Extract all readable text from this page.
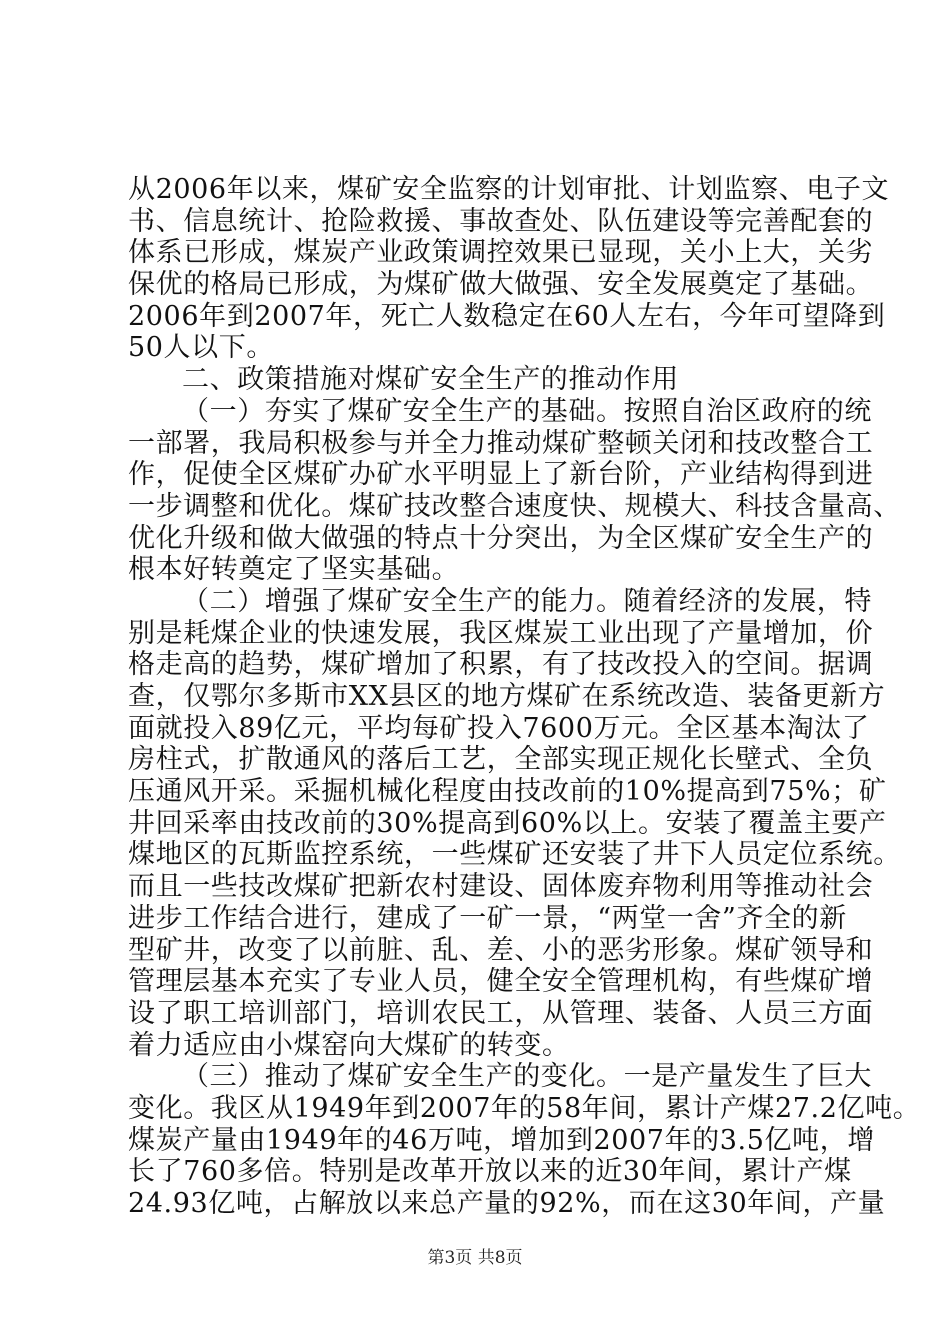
从2006年以来，煤矿安全监察的计划审批、计划监察、电子文
书、信息统计、抢险救援、事故查处、队伍建设等完善配套的
体系已形成，煤炭产业政策调控效果已显现，关小上大，关劣
保优的格局已形成，为煤矿做大做强、安全发展奠定了基础。
2006年到2007年，死亡人数稳定在60人左右，今年可望降到
50人以下。
二、政策措施对煤矿安全生产的推动作用
（一）夯实了煤矿安全生产的基础。按照自治区政府的统
一部署，我局积极参与并全力推动煤矿整顿关闭和技改整合工
作，促使全区煤矿办矿水平明显上了新台阶，产业结构得到进
一步调整和优化。煤矿技改整合速度快、规模大、科技含量高、
优化升级和做大做强的特点十分突出，为全区煤矿安全生产的
根本好转奠定了坚实基础。
（二）增强了煤矿安全生产的能力。随着经济的发展，特
别是耗煤企业的快速发展，我区煤炭工业出现了产量增加，价
格走高的趋势，煤矿增加了积累，有了技改投入的空间。据调
查，仅鄂尔多斯市XX县区的地方煤矿在系统改造、装备更新方
面就投入89亿元，平均每矿投入7600万元。全区基本淘汰了
房柱式，扩散通风的落后工艺，全部实现正规化长壁式、全负
压通风开采。采掘机械化程度由技改前的10%提高到75%；矿
井回采率由技改前的30%提高到60%以上。安装了覆盖主要产
煤地区的瓦斯监控系统，一些煤矿还安装了井下人员定位系统。
而且一些技改煤矿把新农村建设、固体废弃物利用等推动社会
进步工作结合进行，建成了一矿一景，“两堂一舍”齐全的新
型矿井，改变了以前脏、乱、差、小的恶劣形象。煤矿领导和
管理层基本充实了专业人员，健全安全管理机构，有些煤矿增
设了职工培训部门，培训农民工，从管理、装备、人员三方面
着力适应由小煤窑向大煤矿的转变。
（三）推动了煤矿安全生产的变化。一是产量发生了巨大
变化。我区从1949年到2007年的58年间，累计产煤27.2亿吨。
煤炭产量由1949年的46万吨，增加到2007年的3.5亿吨，增
长了760多倍。特别是改革开放以来的近30年间，累计产煤
24.93亿吨，占解放以来总产量的92%，而在这30年间，产量
第3页 共8页
